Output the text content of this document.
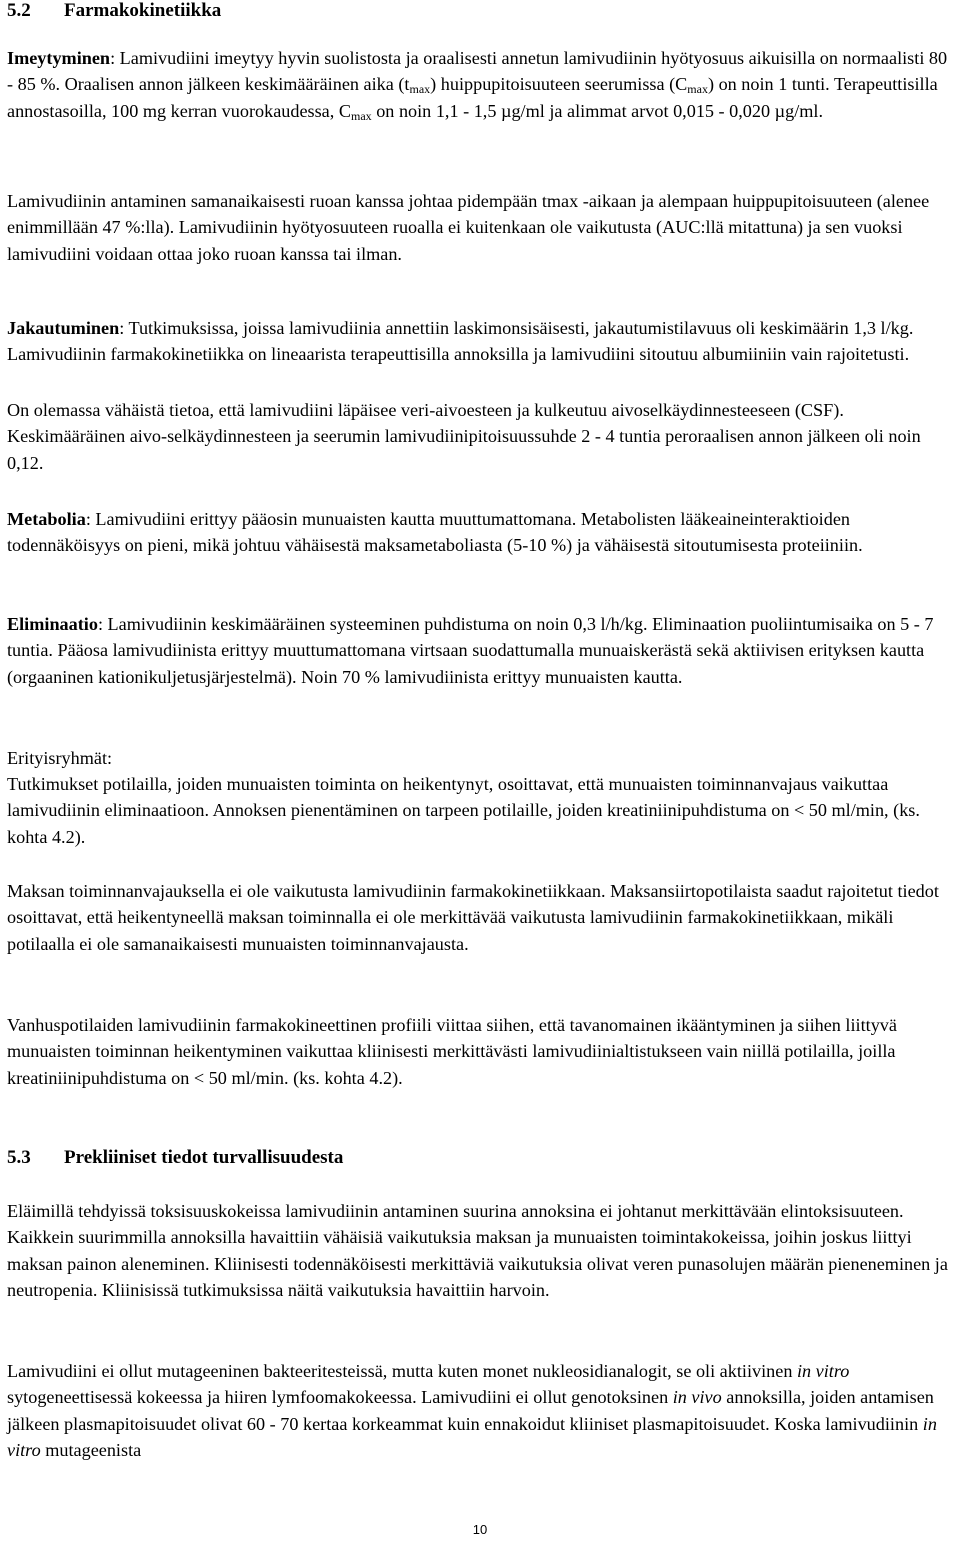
5.2 Farmakokinetiikka

Imeytyminen: Lamivudiini imeytyy hyvin suolistosta ja oraalisesti annetun lamivudiinin hyötyosuus aikuisilla on normaalisti 80 - 85 %. Oraalisen annon jälkeen keskimääräinen aika $(t_{max})$ huippupitoisuuteen seerumissa $(C_{max})$ on noin 1 tunti. Terapeuttisilla annostasoilla, 100 mg kerran vuorokaudessa, $C_{max}$ on noin 1,1 - 1,5 µg/ml ja alimmat arvot 0,015 - 0,020 µg/ml.

Lamivudiinin antaminen samanaikaisesti ruoan kanssa johtaa pidempään tmax -aikaan ja alempaan huippupitoisuuteen (alenee enimmillään 47 %:lla). Lamivudiinin hyötyosuuteen ruoalla ei kuitenkaan ole vaikutusta (AUC:llä mitattuna) ja sen vuoksi lamivudiini voidaan ottaa joko ruoan kanssa tai ilman.

Jakautuminen: Tutkimuksissa, joissa lamivudiinia annettiin laskimonsisäisesti, jakautumistilavuus oli keskimäärin 1,3 l/kg. Lamivudiinin farmakokinetiikka on lineaarista terapeuttisilla annoksilla ja lamivudiini sitoutuu albumiiniin vain rajoitetusti.

On olemassa vähäistä tietoa, että lamivudiini läpäisee veri-aivoesteen ja kulkeutuu aivoselkäydinnesteeseen (CSF). Keskimääräinen aivo-selkäydinnesteen ja seerumin lamivudiinipitoisuussuhde 2 - 4 tuntia peroraalisen annon jälkeen oli noin 0,12.

Metabolia: Lamivudiini erittyy pääosin munuaisten kautta muuttumattomana. Metabolisten lääkeaineinteraktioiden todennäköisyys on pieni, mikä johtuu vähäisestä maksametaboliasta (5-10 %) ja vähäisestä sitoutumisesta proteiiniin.

Eliminaatio: Lamivudiinin keskimääräinen systeeminen puhdistuma on noin 0,3 l/h/kg. Eliminaation puoliintumisaika on 5 - 7 tuntia. Pääosa lamivudiinista erittyy muuttumattomana virtsaan suodattumalla munuaiskerästä sekä aktiivisen erityksen kautta (orgaaninen kationikuljetusjärjestelmä). Noin 70 % lamivudiinista erittyy munuaisten kautta.

Erityisryhmät:

Tutkimukset potilailla, joiden munuaisten toiminta on heikentynyt, osoittavat, että munuaisten toiminnanvajaus vaikuttaa lamivudiinin eliminaatioon. Annoksen pienentäminen on tarpeen potilaille, joiden kreatiniinipuhdistuma on < 50 ml/min, (ks. kohta 4.2).

Maksan toiminnanvajauksella ei ole vaikutusta lamivudiinin farmakokinetiikkaan. Maksansiirtopotilaista saadut rajoitetut tiedot osoittavat, että heikentyneellä maksan toiminnalla ei ole merkittävää vaikutusta lamivudiinin farmakokinetiikkaan, mikäli potilaalla ei ole samanaikaisesti munuaisten toiminnanvajausta.

Vanhuspotilaiden lamivudiinin farmakokineettinen profiili viittaa siihen, että tavanomainen ikääntyminen ja siihen liittyvä munuaisten toiminnan heikentyminen vaikuttaa kliinisesti merkittävästi lamivudiinialtistukseen vain niillä potilailla, joilla kreatiniinipuhdistuma on < 50 ml/min. (ks. kohta 4.2).

5.3 Prekliiniset tiedot turvallisuudesta

Eläimillä tehdyissä toksisuuskokeissa lamivudiinin antaminen suurina annoksina ei johtanut merkittävään elintoksisuuteen. Kaikkein suurimmilla annoksilla havaittiin vähäisiä vaikutuksia maksan ja munuaisten toimintakokeissa, joihin joskus liittyi maksan painon aleneminen. Kliinisesti todennäköisesti merkittäviä vaikutuksia olivat veren punasolujen määrän pieneneminen ja neutropenia. Kliinisissä tutkimuksissa näitä vaikutuksia havaittiin harvoin.

Lamivudiini ei ollut mutageeninen bakteeritesteissä, mutta kuten monet nukleosidianalogit, se oli aktiivinen in vitro sytogeneettisessä kokeessa ja hiiren lymfoomakokeessa. Lamivudiini ei ollut genotoksinen in vivo annoksilla, joiden antamisen jälkeen plasmapitoisuudet olivat 60 - 70 kertaa korkeammat kuin ennakoidut kliiniset plasmapitoisuudet. Koska lamivudiinin in vitro mutageenista

10
